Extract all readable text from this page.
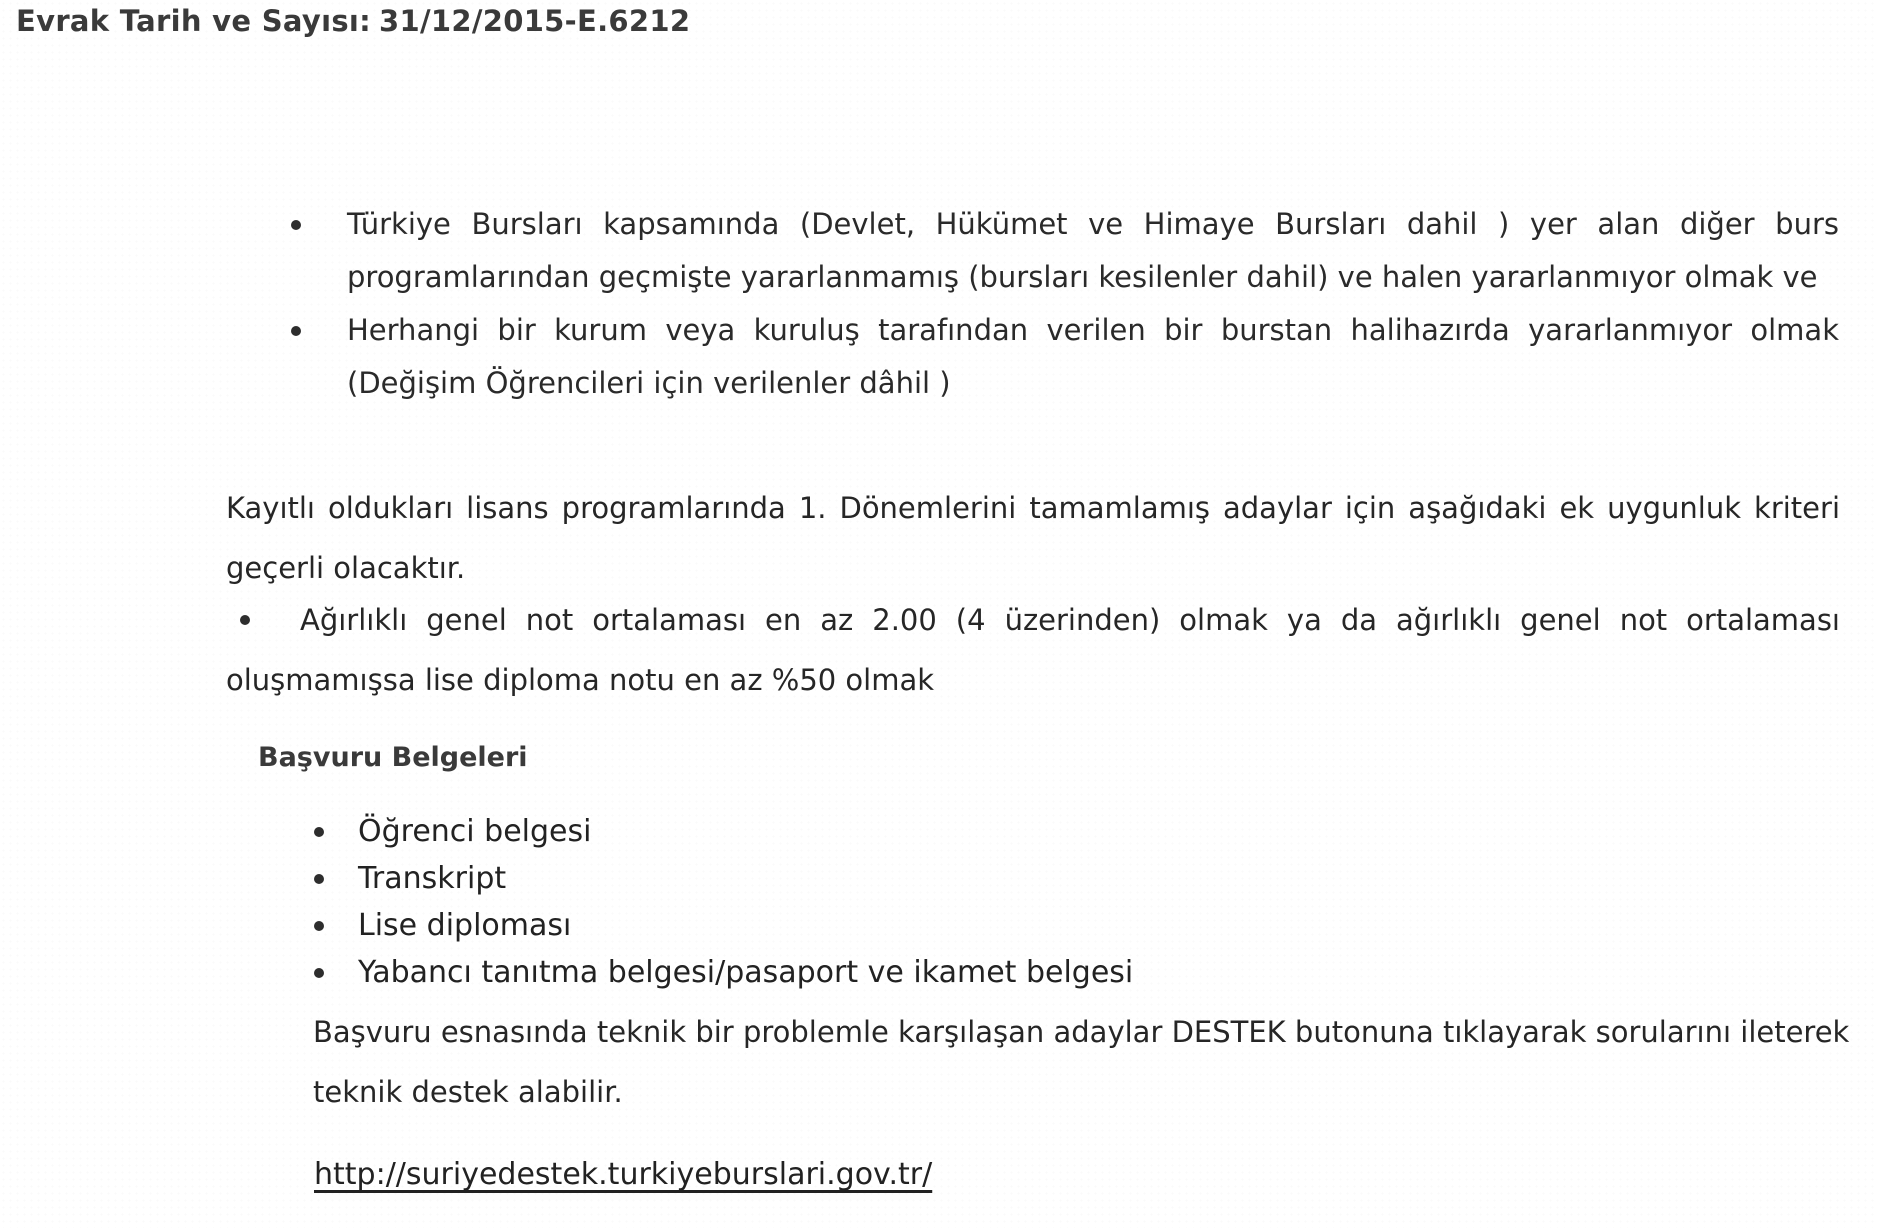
Evrak Tarih ve Sayısı: 31/12/2015-E.6212
Türkiye Bursları kapsamında (Devlet, Hükümet ve Himaye Bursları dahil ) yer alan diğer burs programlarından geçmişte yararlanmamış (bursları kesilenler dahil) ve halen yararlanmıyor olmak ve
Herhangi bir kurum veya kuruluş tarafından verilen bir burstan halihazırda yararlanmıyor olmak (Değişim Öğrencileri için verilenler dâhil )

Kayıtlı oldukları lisans programlarında 1. Dönemlerini tamamlamış adaylar için aşağıdaki ek uygunluk kriteri geçerli olacaktır.

Ağırlıklı genel not ortalaması en az 2.00 (4 üzerinden) olmak ya da ağırlıklı genel not ortalaması oluşmamışsa lise diploma notu en az %50 olmak

Başvuru Belgeleri
Öğrenci belgesi
Transkript
Lise diploması
Yabancı tanıtma belgesi/pasaport ve ikamet belgesi

Başvuru esnasında teknik bir problemle karşılaşan adaylar DESTEK butonuna tıklayarak sorularını ileterek teknik destek alabilir.

http://suriyedestek.turkiyeburslari.gov.tr/
